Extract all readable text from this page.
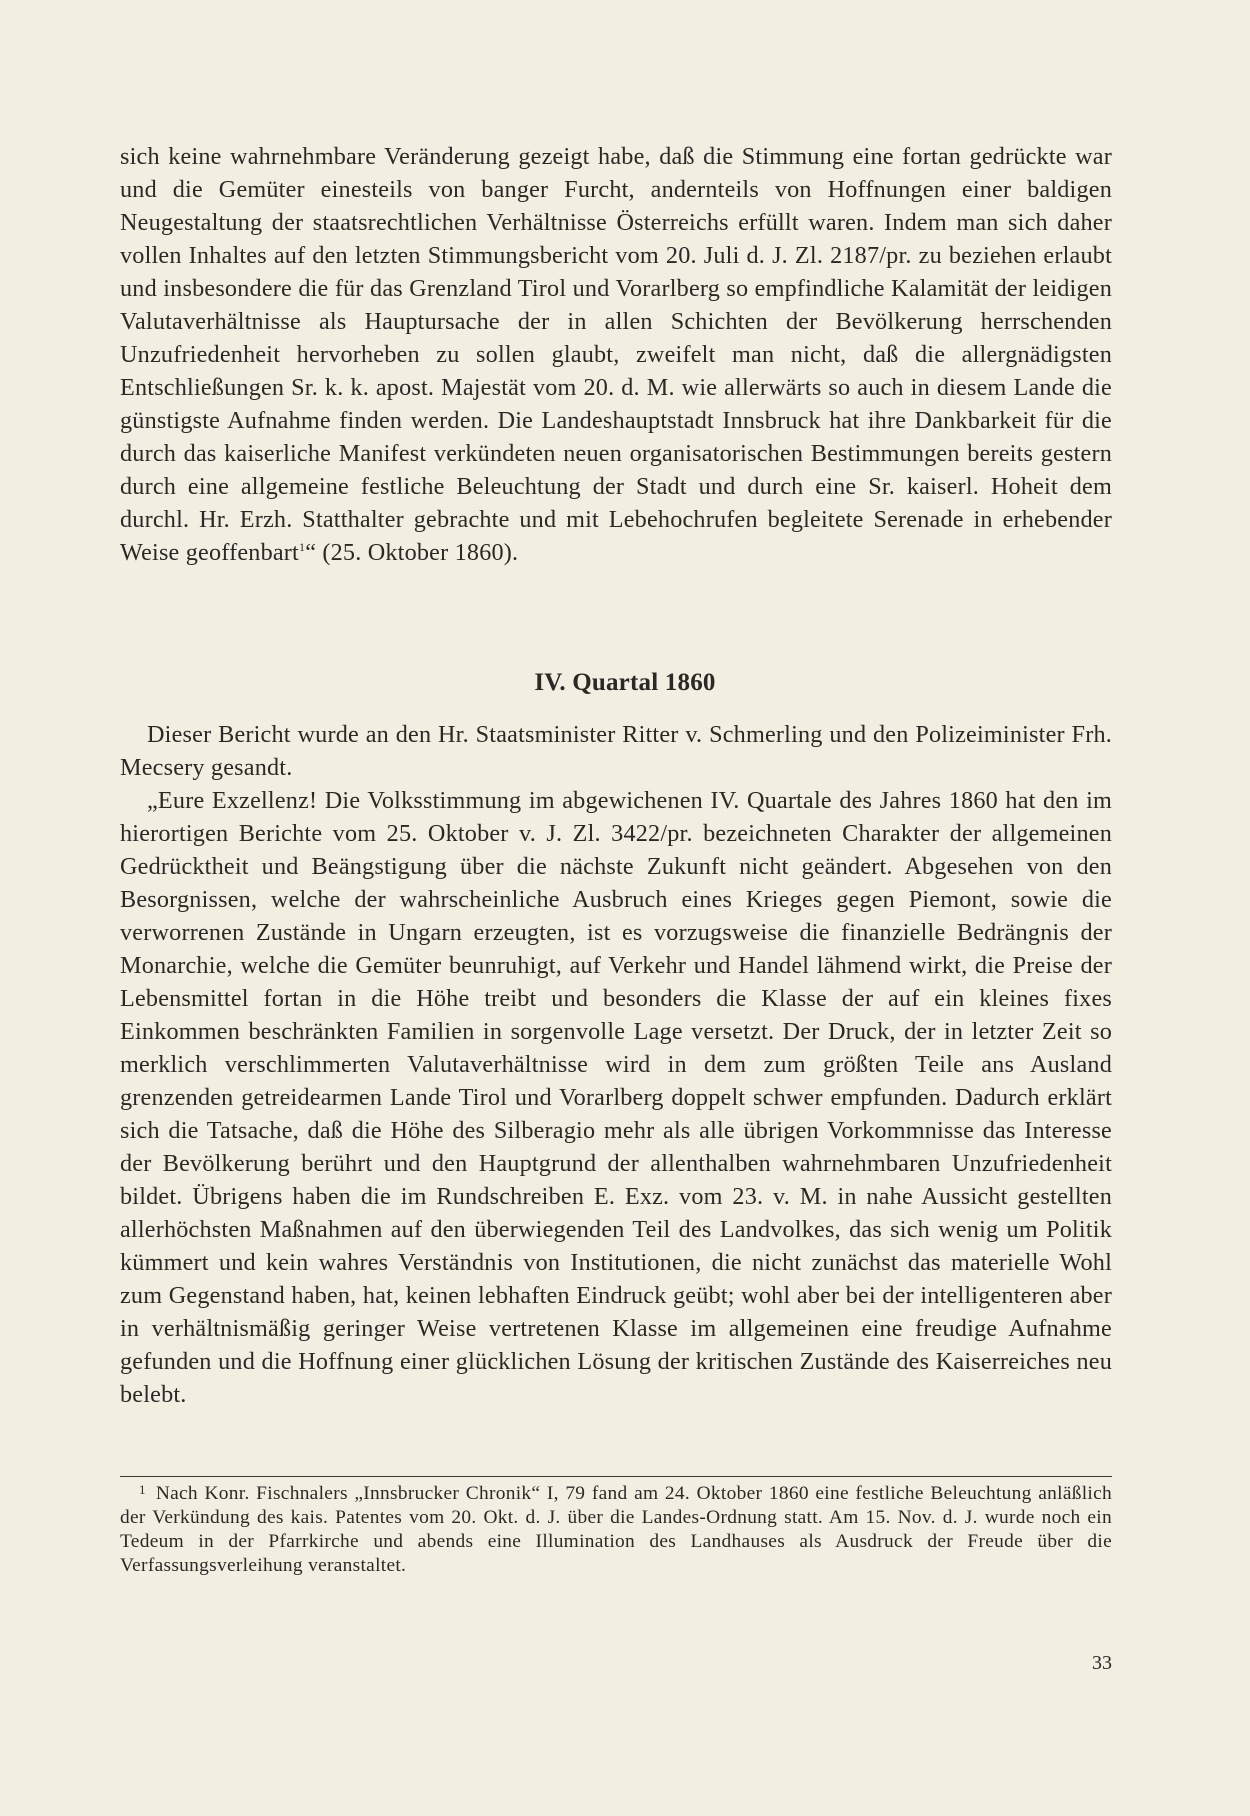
sich keine wahrnehmbare Veränderung gezeigt habe, daß die Stimmung eine fortan gedrückte war und die Gemüter einesteils von banger Furcht, andernteils von Hoffnungen einer baldigen Neugestaltung der staatsrechtlichen Verhältnisse Österreichs erfüllt waren. Indem man sich daher vollen Inhaltes auf den letzten Stimmungsbericht vom 20. Juli d. J. Zl. 2187/pr. zu beziehen erlaubt und insbesondere die für das Grenzland Tirol und Vorarlberg so empfindliche Kalamität der leidigen Valutaverhältnisse als Hauptursache der in allen Schichten der Bevölkerung herrschenden Unzufriedenheit hervorheben zu sollen glaubt, zweifelt man nicht, daß die allergnädigsten Entschließungen Sr. k. k. apost. Majestät vom 20. d. M. wie allerwärts so auch in diesem Lande die günstigste Aufnahme finden werden. Die Landeshauptstadt Innsbruck hat ihre Dankbarkeit für die durch das kaiserliche Manifest verkündeten neuen organisatorischen Bestimmungen bereits gestern durch eine allgemeine festliche Beleuchtung der Stadt und durch eine Sr. kaiserl. Hoheit dem durchl. Hr. Erzh. Statthalter gebrachte und mit Lebehochrufen begleitete Serenade in erhebender Weise geoffenbart$^1$“ (25. Oktober 1860).

IV. Quartal 1860

Dieser Bericht wurde an den Hr. Staatsminister Ritter v. Schmerling und den Polizeiminister Frh. Mecsery gesandt.

„Eure Exzellenz! Die Volksstimmung im abgewichenen IV. Quartale des Jahres 1860 hat den im hierortigen Berichte vom 25. Oktober v. J. Zl. 3422/pr. bezeichneten Charakter der allgemeinen Gedrücktheit und Beängstigung über die nächste Zukunft nicht geändert. Abgesehen von den Besorgnissen, welche der wahrscheinliche Ausbruch eines Krieges gegen Piemont, sowie die verworrenen Zustände in Ungarn erzeugten, ist es vorzugsweise die finanzielle Bedrängnis der Monarchie, welche die Gemüter beunruhigt, auf Verkehr und Handel lähmend wirkt, die Preise der Lebensmittel fortan in die Höhe treibt und besonders die Klasse der auf ein kleines fixes Einkommen beschränkten Familien in sorgenvolle Lage versetzt. Der Druck, der in letzter Zeit so merklich verschlimmerten Valutaverhältnisse wird in dem zum größten Teile ans Ausland grenzenden getreidearmen Lande Tirol und Vorarlberg doppelt schwer empfunden. Dadurch erklärt sich die Tatsache, daß die Höhe des Silberagio mehr als alle übrigen Vorkommnisse das Interesse der Bevölkerung berührt und den Hauptgrund der allenthalben wahrnehmbaren Unzufriedenheit bildet. Übrigens haben die im Rundschreiben E. Exz. vom 23. v. M. in nahe Aussicht gestellten allerhöchsten Maßnahmen auf den überwiegenden Teil des Landvolkes, das sich wenig um Politik kümmert und kein wahres Verständnis von Institutionen, die nicht zunächst das materielle Wohl zum Gegenstand haben, hat, keinen lebhaften Eindruck geübt; wohl aber bei der intelligenteren aber in verhältnismäßig geringer Weise vertretenen Klasse im allgemeinen eine freudige Aufnahme gefunden und die Hoffnung einer glücklichen Lösung der kritischen Zustände des Kaiserreiches neu belebt.

$^1$ Nach Konr. Fischnalers „Innsbrucker Chronik“ I, 79 fand am 24. Oktober 1860 eine festliche Beleuchtung anläßlich der Verkündung des kais. Patentes vom 20. Okt. d. J. über die Landes-Ordnung statt. Am 15. Nov. d. J. wurde noch ein Tedeum in der Pfarrkirche und abends eine Illumination des Landhauses als Ausdruck der Freude über die Verfassungsverleihung veranstaltet.

33
